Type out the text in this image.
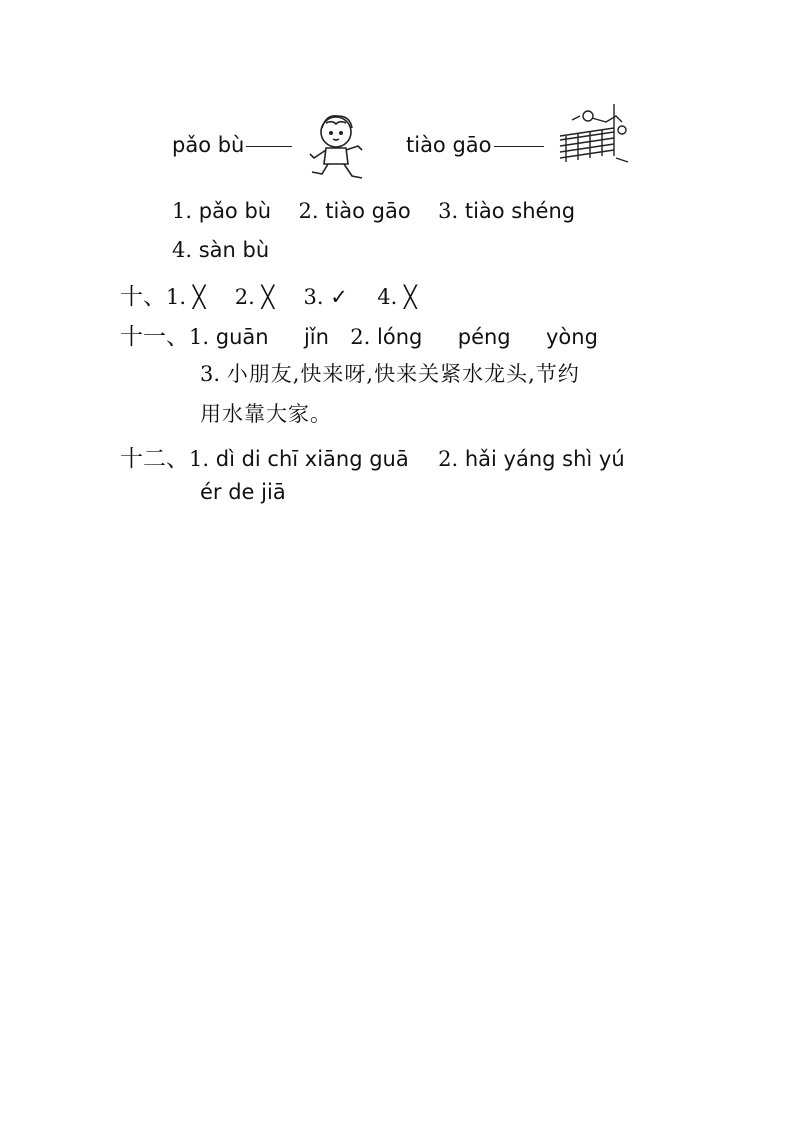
pǎo bù	tiào gāo
1. pǎo bù 2. tiào gāo 3. tiào shéng
4. sàn bù
十、1. ╳ 2. ╳ 3. ✓ 4. ╳
十一、1. guān jǐn 2. lóng péng yòng
3. 小朋友,快来呀,快来关紧水龙头,节约
用水靠大家。
十二、1. dì di chī xiāng guā 2. hǎi yáng shì yú
ér de jiā
